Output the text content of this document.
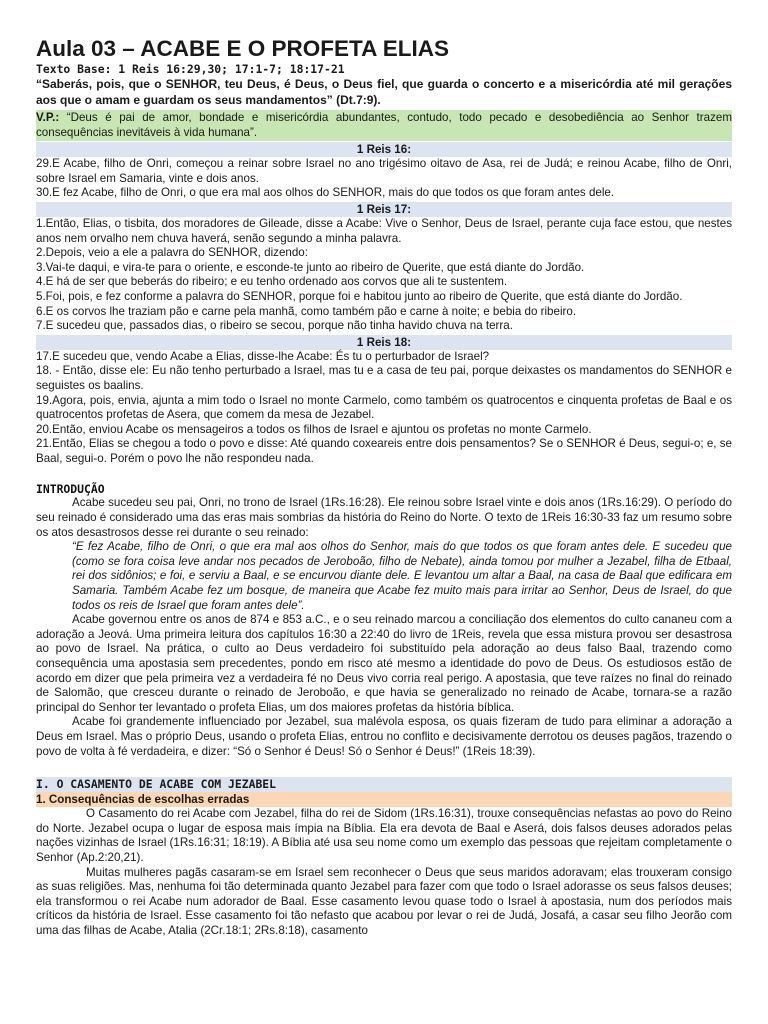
Aula 03 – ACABE E O PROFETA ELIAS
Texto Base: 1 Reis 16:29,30; 17:1-7; 18:17-21
“Saberás, pois, que o SENHOR, teu Deus, é Deus, o Deus fiel, que guarda o concerto e a misericórdia até mil gerações aos que o amam e guardam os seus mandamentos” (Dt.7:9).
V.P.: “Deus é pai de amor, bondade e misericórdia abundantes, contudo, todo pecado e desobediência ao Senhor trazem consequências inevitáveis à vida humana”.
1 Reis 16:

29.E Acabe, filho de Onri, começou a reinar sobre Israel no ano trigésimo oitavo de Asa, rei de Judá; e reinou Acabe, filho de Onri, sobre Israel em Samaria, vinte e dois anos.

30.E fez Acabe, filho de Onri, o que era mal aos olhos do SENHOR, mais do que todos os que foram antes dele.

1 Reis 17:

1.Então, Elias, o tisbita, dos moradores de Gileade, disse a Acabe: Vive o Senhor, Deus de Israel, perante cuja face estou, que nestes anos nem orvalho nem chuva haverá, senão segundo a minha palavra.

2.Depois, veio a ele a palavra do SENHOR, dizendo:

3.Vai-te daqui, e vira-te para o oriente, e esconde-te junto ao ribeiro de Querite, que está diante do Jordão.

4.E há de ser que beberás do ribeiro; e eu tenho ordenado aos corvos que ali te sustentem.

5.Foi, pois, e fez conforme a palavra do SENHOR, porque foi e habitou junto ao ribeiro de Querite, que está diante do Jordão.

6.E os corvos lhe traziam pão e carne pela manhã, como também pão e carne à noite; e bebia do ribeiro.

7.E sucedeu que, passados dias, o ribeiro se secou, porque não tinha havido chuva na terra.

1 Reis 18:

17.E sucedeu que, vendo Acabe a Elias, disse-lhe Acabe: És tu o perturbador de Israel?

18. - Então, disse ele: Eu não tenho perturbado a Israel, mas tu e a casa de teu pai, porque deixastes os mandamentos do SENHOR e seguistes os baalins.

19.Agora, pois, envia, ajunta a mim todo o Israel no monte Carmelo, como também os quatrocentos e cinquenta profetas de Baal e os quatrocentos profetas de Asera, que comem da mesa de Jezabel.

20.Então, enviou Acabe os mensageiros a todos os filhos de Israel e ajuntou os profetas no monte Carmelo.

21.Então, Elias se chegou a todo o povo e disse: Até quando coxeareis entre dois pensamentos? Se o SENHOR é Deus, segui-o; e, se Baal, segui-o. Porém o povo lhe não respondeu nada.

INTRODUÇÃO

Acabe sucedeu seu pai, Onri, no trono de Israel (1Rs.16:28). Ele reinou sobre Israel vinte e dois anos (1Rs.16:29). O período do seu reinado é considerado uma das eras mais sombrias da história do Reino do Norte. O texto de 1Reis 16:30-33 faz um resumo sobre os atos desastrosos desse rei durante o seu reinado:

“E fez Acabe, filho de Onri, o que era mal aos olhos do Senhor, mais do que todos os que foram antes dele. E sucedeu que (como se fora coisa leve andar nos pecados de Jeroboão, filho de Nebate), ainda tomou por mulher a Jezabel, filha de Etbaal, rei dos sidônios; e foi, e serviu a Baal, e se encurvou diante dele. E levantou um altar a Baal, na casa de Baal que edificara em Samaria. Também Acabe fez um bosque, de maneira que Acabe fez muito mais para irritar ao Senhor, Deus de Israel, do que todos os reis de Israel que foram antes dele”.

Acabe governou entre os anos de 874 e 853 a.C., e o seu reinado marcou a conciliação dos elementos do culto cananeu com a adoração a Jeová. Uma primeira leitura dos capítulos 16:30 a 22:40 do livro de 1Reis, revela que essa mistura provou ser desastrosa ao povo de Israel. Na prática, o culto ao Deus verdadeiro foi substituído pela adoração ao deus falso Baal, trazendo como consequência uma apostasia sem precedentes, pondo em risco até mesmo a identidade do povo de Deus. Os estudiosos estão de acordo em dizer que pela primeira vez a verdadeira fé no Deus vivo corria real perigo. A apostasia, que teve raízes no final do reinado de Salomão, que cresceu durante o reinado de Jeroboão, e que havia se generalizado no reinado de Acabe, tornara-se a razão principal do Senhor ter levantado o profeta Elias, um dos maiores profetas da história bíblica.

Acabe foi grandemente influenciado por Jezabel, sua malévola esposa, os quais fizeram de tudo para eliminar a adoração a Deus em Israel. Mas o próprio Deus, usando o profeta Elias, entrou no conflito e decisivamente derrotou os deuses pagãos, trazendo o povo de volta à fé verdadeira, e dizer: “Só o Senhor é Deus! Só o Senhor é Deus!” (1Reis 18:39).

I. O CASAMENTO DE ACABE COM JEZABEL
1. Consequências de escolhas erradas

O Casamento do rei Acabe com Jezabel, filha do rei de Sidom (1Rs.16:31), trouxe consequências nefastas ao povo do Reino do Norte. Jezabel ocupa o lugar de esposa mais ímpia na Bíblia. Ela era devota de Baal e Aserá, dois falsos deuses adorados pelas nações vizinhas de Israel (1Rs.16:31; 18:19). A Bíblia até usa seu nome como um exemplo das pessoas que rejeitam completamente o Senhor (Ap.2:20,21).

Muitas mulheres pagãs casaram-se em Israel sem reconhecer o Deus que seus maridos adoravam; elas trouxeram consigo as suas religiões. Mas, nenhuma foi tão determinada quanto Jezabel para fazer com que todo o Israel adorasse os seus falsos deuses; ela transformou o rei Acabe num adorador de Baal. Esse casamento levou quase todo o Israel à apostasia, num dos períodos mais críticos da história de Israel. Esse casamento foi tão nefasto que acabou por levar o rei de Judá, Josafá, a casar seu filho Jeorão com uma das filhas de Acabe, Atalia (2Cr.18:1; 2Rs.8:18), casamento
